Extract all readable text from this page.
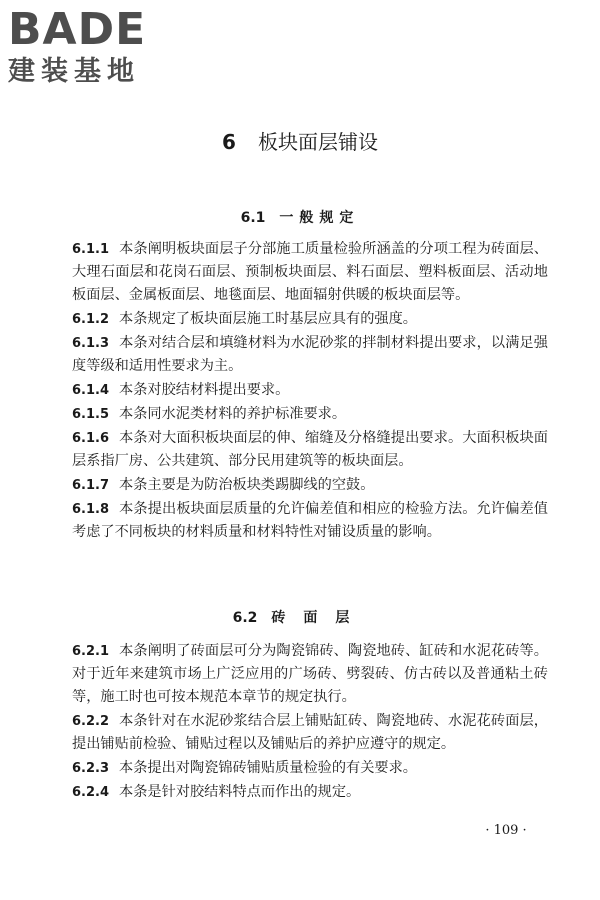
BADE
建装基地
6 板块面层铺设
6.1 一般规定

6.1.1 本条阐明板块面层子分部施工质量检验所涵盖的分项工程为砖面层、大理石面层和花岗石面层、预制板块面层、料石面层、塑料板面层、活动地板面层、金属板面层、地毯面层、地面辐射供暖的板块面层等。

6.1.2 本条规定了板块面层施工时基层应具有的强度。

6.1.3 本条对结合层和填缝材料为水泥砂浆的拌制材料提出要求，以满足强度等级和适用性要求为主。

6.1.4 本条对胶结材料提出要求。

6.1.5 本条同水泥类材料的养护标准要求。

6.1.6 本条对大面积板块面层的伸、缩缝及分格缝提出要求。大面积板块面层系指厂房、公共建筑、部分民用建筑等的板块面层。

6.1.7 本条主要是为防治板块类踢脚线的空鼓。

6.1.8 本条提出板块面层质量的允许偏差值和相应的检验方法。允许偏差值考虑了不同板块的材料质量和材料特性对铺设质量的影响。

6.2 砖面层

6.2.1 本条阐明了砖面层可分为陶瓷锦砖、陶瓷地砖、缸砖和水泥花砖等。对于近年来建筑市场上广泛应用的广场砖、劈裂砖、仿古砖以及普通粘土砖等，施工时也可按本规范本章节的规定执行。

6.2.2 本条针对在水泥砂浆结合层上铺贴缸砖、陶瓷地砖、水泥花砖面层，提出铺贴前检验、铺贴过程以及铺贴后的养护应遵守的规定。

6.2.3 本条提出对陶瓷锦砖铺贴质量检验的有关要求。

6.2.4 本条是针对胶结料特点而作出的规定。

· 109 ·
